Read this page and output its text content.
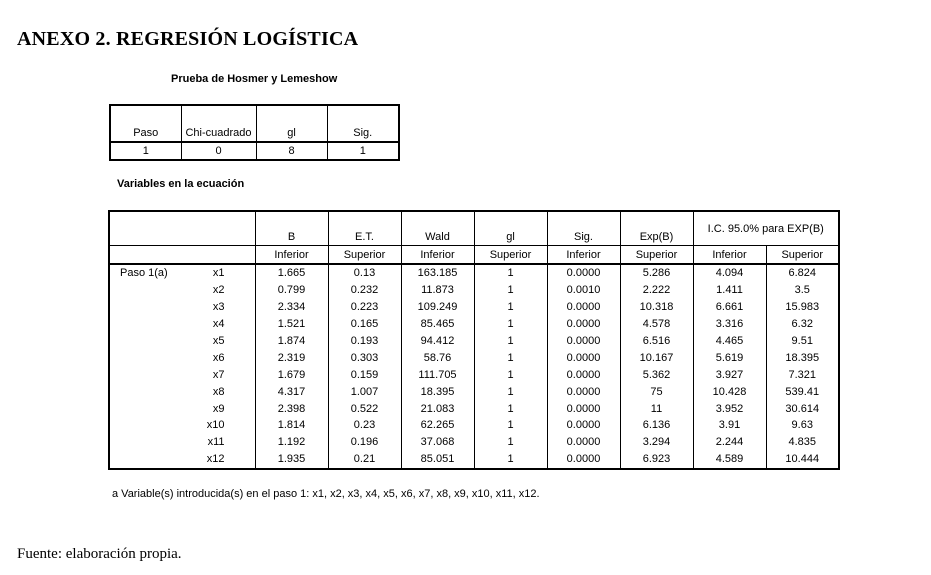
ANEXO 2. REGRESIÓN LOGÍSTICA
Prueba de Hosmer y Lemeshow
Paso	Chi-cuadrado	gl	Sig.
1	0	8	1
Variables en la ecuación
		B	E.T.	Wald	gl	Sig.	Exp(B)	I.C. 95.0% para EXP(B)	
		Inferior	Superior	Inferior	Superior	Inferior	Superior	Inferior	Superior
Paso 1(a)	x1	1.665	0.13	163.185	1	0.0000	5.286	4.094	6.824
	x2	0.799	0.232	11.873	1	0.0010	2.222	1.411	3.5
	x3	2.334	0.223	109.249	1	0.0000	10.318	6.661	15.983
	x4	1.521	0.165	85.465	1	0.0000	4.578	3.316	6.32
	x5	1.874	0.193	94.412	1	0.0000	6.516	4.465	9.51
	x6	2.319	0.303	58.76	1	0.0000	10.167	5.619	18.395
	x7	1.679	0.159	111.705	1	0.0000	5.362	3.927	7.321
	x8	4.317	1.007	18.395	1	0.0000	75	10.428	539.41
	x9	2.398	0.522	21.083	1	0.0000	11	3.952	30.614
	x10	1.814	0.23	62.265	1	0.0000	6.136	3.91	9.63
	x11	1.192	0.196	37.068	1	0.0000	3.294	2.244	4.835
	x12	1.935	0.21	85.051	1	0.0000	6.923	4.589	10.444
a Variable(s) introducida(s) en el paso 1: x1, x2, x3, x4, x5, x6, x7, x8, x9, x10, x11, x12.
Fuente: elaboración propia.
